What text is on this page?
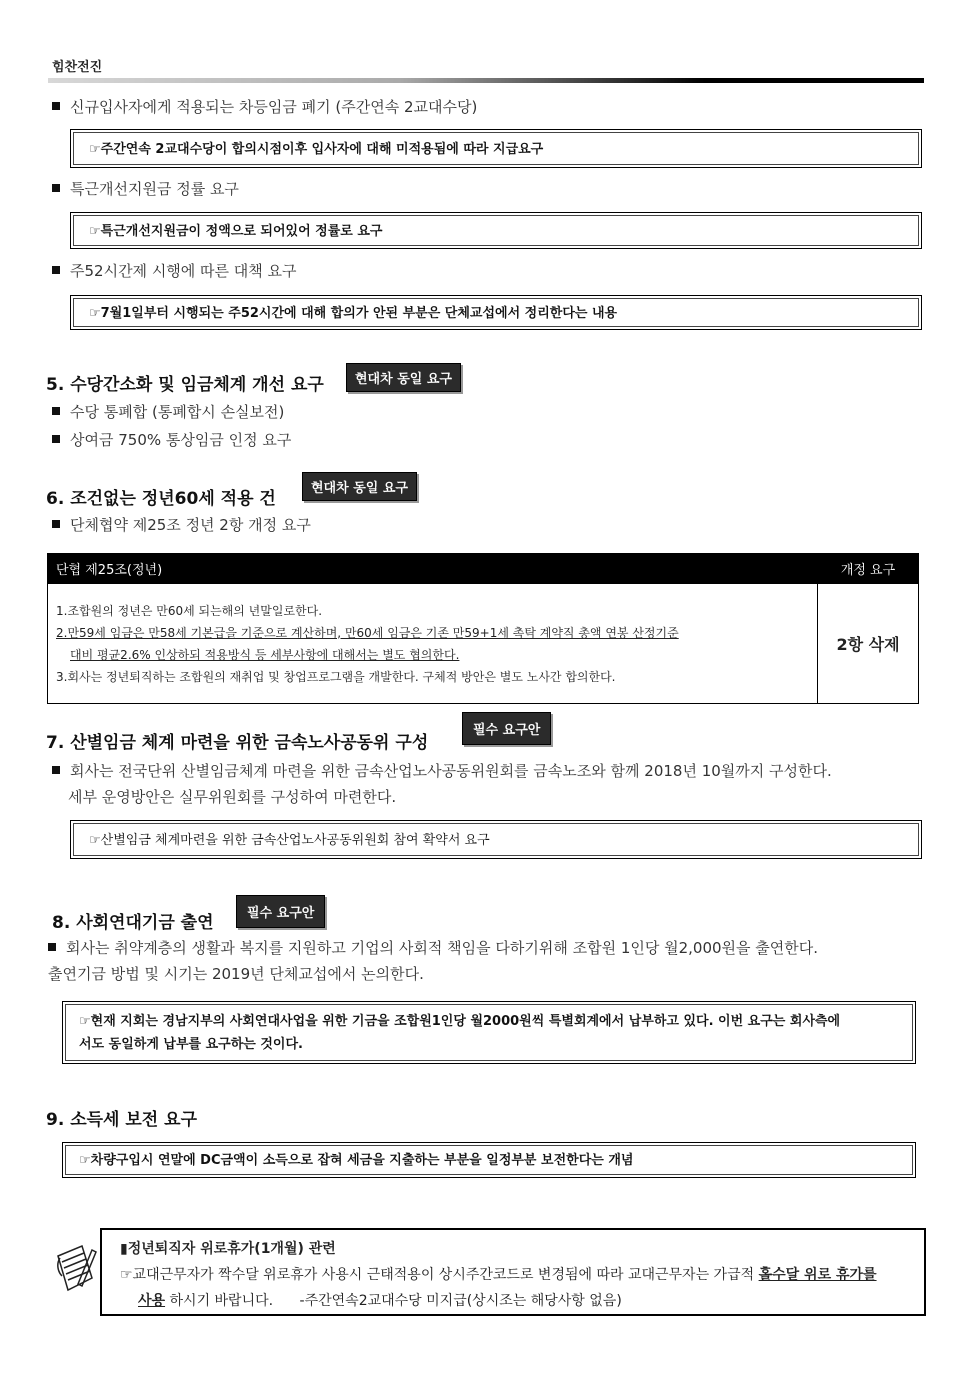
힘찬전진
신규입사자에게 적용되는 차등임금 폐기 (주간연속 2교대수당)
☞주간연속 2교대수당이 합의시점이후 입사자에 대해 미적용됨에 따라 지급요구
특근개선지원금 정률 요구
☞특근개선지원금이 정액으로 되어있어 정률로 요구
주52시간제 시행에 따른 대책 요구
☞7월1일부터 시행되는 주52시간에 대해 합의가 안된 부분은 단체교섭에서 정리한다는 내용
5. 수당간소화 및 임금체계 개선 요구	현대차 동일 요구
수당 통폐합 (통폐합시 손실보전)
상여금 750% 통상임금 인정 요구
6. 조건없는 정년60세 적용 건
현대차 동일 요구
단체협약 제25조 정년 2항 개정 요구
단협 제25조(정년)	개정 요구

1.조합원의 정년은 만60세 되는해의 년말일로한다.
2.만59세 임금은 만58세 기본급을 기준으로 계산하며, 만60세 임금은 기존 만59+1세 촉탁 계약직 총액 연봉 산정기준
대비 평균2.6% 인상하되 적용방식 등 세부사항에 대해서는 별도 협의한다.
3.회사는 정년퇴직하는 조합원의 재취업 및 창업프로그램을 개발한다. 구체적 방안은 별도 노사간 합의한다.	2항 삭제
7. 산별임금 체계 마련을 위한 금속노사공동위 구성
필수 요구안
회사는 전국단위 산별임금체계 마련을 위한 금속산업노사공동위원회를 금속노조와 함께 2018년 10월까지 구성한다.
세부 운영방안은 실무위원회를 구성하여 마련한다.
☞산별임금 체계마련을 위한 금속산업노사공동위원회 참여 확약서 요구
8. 사회연대기금 출연	필수 요구안
회사는 취약계층의 생활과 복지를 지원하고 기업의 사회적 책임을 다하기위해 조합원 1인당 월2,000원을 출연한다.
출연기금 방법 및 시기는 2019년 단체교섭에서 논의한다.
☞현재 지회는 경남지부의 사회연대사업을 위한 기금을 조합원1인당 월2000원씩 특별회계에서 납부하고 있다. 이번 요구는 회사측에
서도 동일하게 납부를 요구하는 것이다.
9. 소득세 보전 요구
☞차량구입시 연말에 DC금액이 소득으로 잡혀 세금을 지출하는 부분을 일정부분 보전한다는 개념
▮정년퇴직자 위로휴가(1개월) 관련
☞교대근무자가 짝수달 위로휴가 사용시 근태적용이 상시주간코드로 변경됨에 따라 교대근무자는 가급적 홀수달 위로 휴가를
사용 하시기 바랍니다. -주간연속2교대수당 미지급(상시조는 해당사항 없음)
